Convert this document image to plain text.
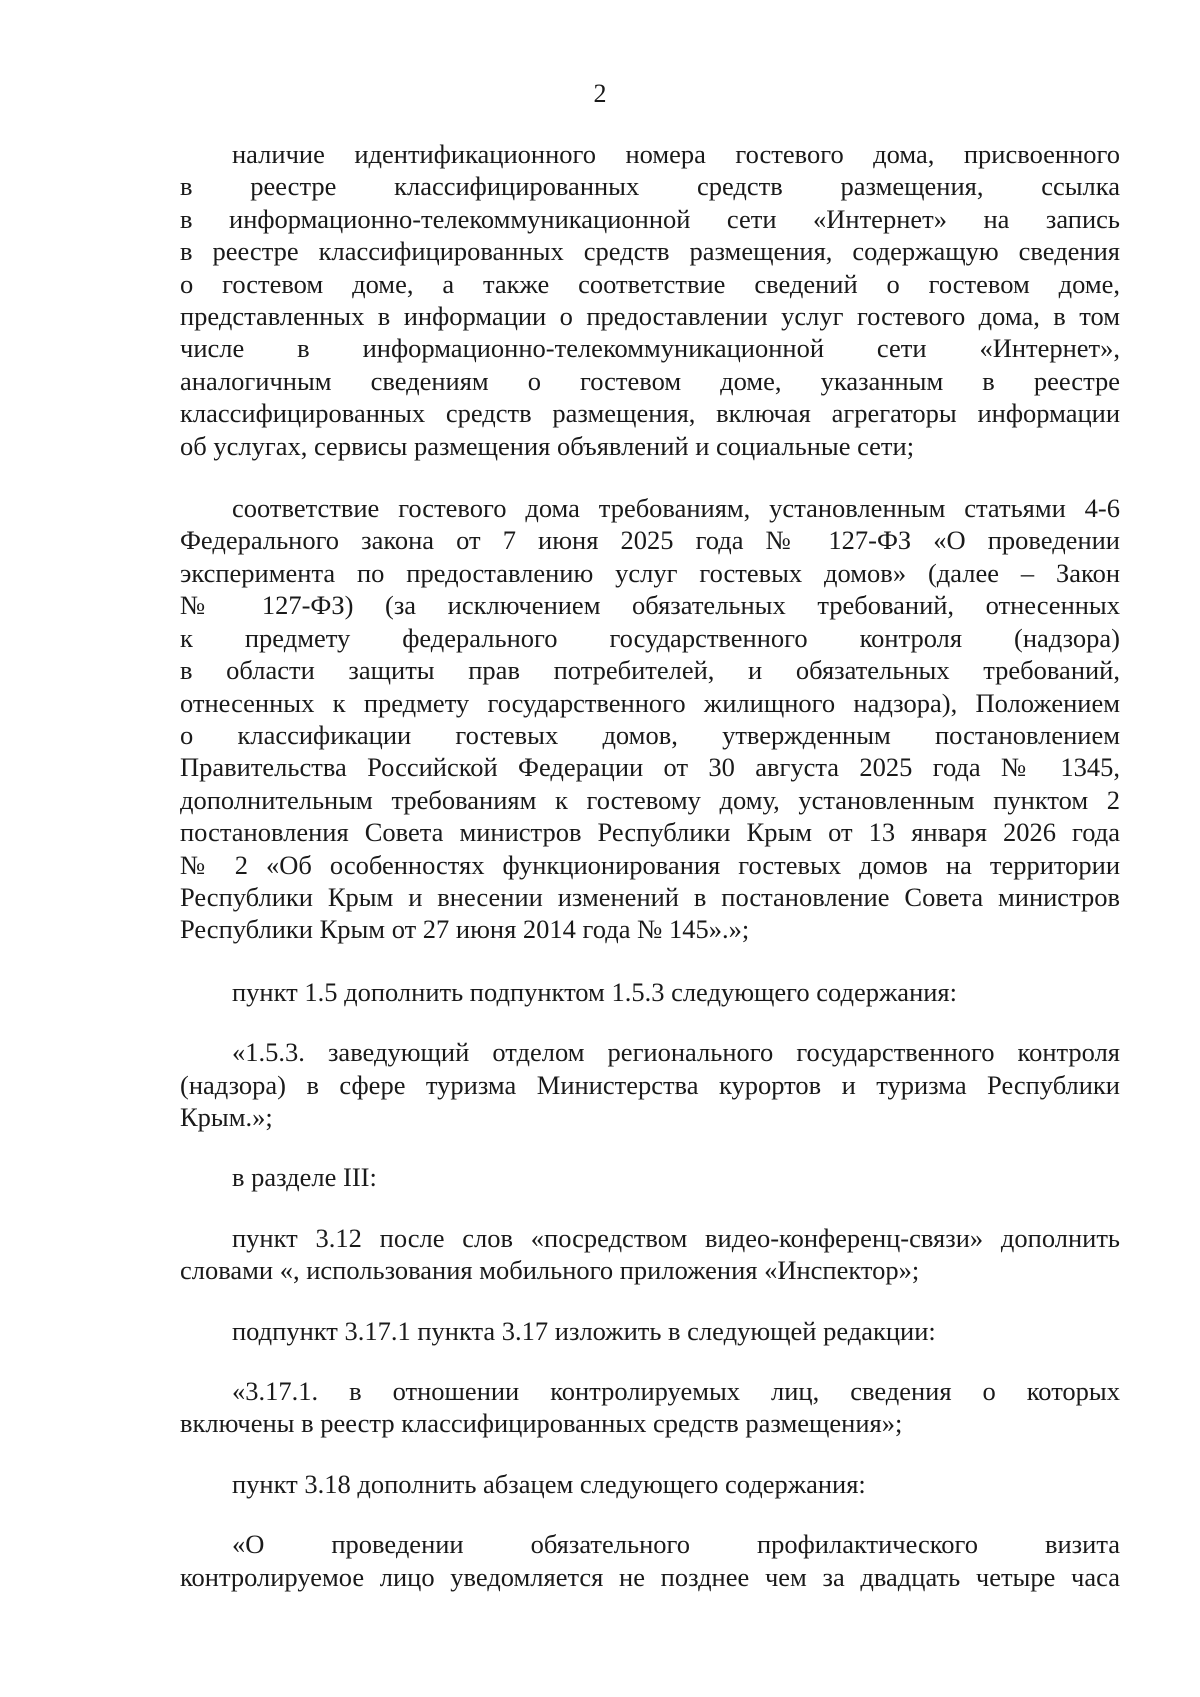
2
наличие идентификационного номера гостевого дома, присвоенного
в реестре классифицированных средств размещения, ссылка
в информационно-телекоммуникационной сети «Интернет» на запись
в реестре классифицированных средств размещения, содержащую сведения
о гостевом доме, а также соответствие сведений о гостевом доме,
представленных в информации о предоставлении услуг гостевого дома, в том
числе в информационно-телекоммуникационной сети «Интернет»,
аналогичным сведениям о гостевом доме, указанным в реестре
классифицированных средств размещения, включая агрегаторы информации
об услугах, сервисы размещения объявлений и социальные сети;
соответствие гостевого дома требованиям, установленным статьями 4-6
Федерального закона от 7 июня 2025 года № 127-ФЗ «О проведении
эксперимента по предоставлению услуг гостевых домов» (далее – Закон
№ 127-ФЗ) (за исключением обязательных требований, отнесенных
к предмету федерального государственного контроля (надзора)
в области защиты прав потребителей, и обязательных требований,
отнесенных к предмету государственного жилищного надзора), Положением
о классификации гостевых домов, утвержденным постановлением
Правительства Российской Федерации от 30 августа 2025 года № 1345,
дополнительным требованиям к гостевому дому, установленным пунктом 2
постановления Совета министров Республики Крым от 13 января 2026 года
№ 2 «Об особенностях функционирования гостевых домов на территории
Республики Крым и внесении изменений в постановление Совета министров
Республики Крым от 27 июня 2014 года № 145».»;
пункт 1.5 дополнить подпунктом 1.5.3 следующего содержания:
«1.5.3. заведующий отделом регионального государственного контроля
(надзора) в сфере туризма Министерства курортов и туризма Республики
Крым.»;
в разделе III:
пункт 3.12 после слов «посредством видео-конференц-связи» дополнить
словами «, использования мобильного приложения «Инспектор»;
подпункт 3.17.1 пункта 3.17 изложить в следующей редакции:
«3.17.1. в отношении контролируемых лиц, сведения о которых
включены в реестр классифицированных средств размещения»;
пункт 3.18 дополнить абзацем следующего содержания:
«О проведении обязательного профилактического визита
контролируемое лицо уведомляется не позднее чем за двадцать четыре часа
